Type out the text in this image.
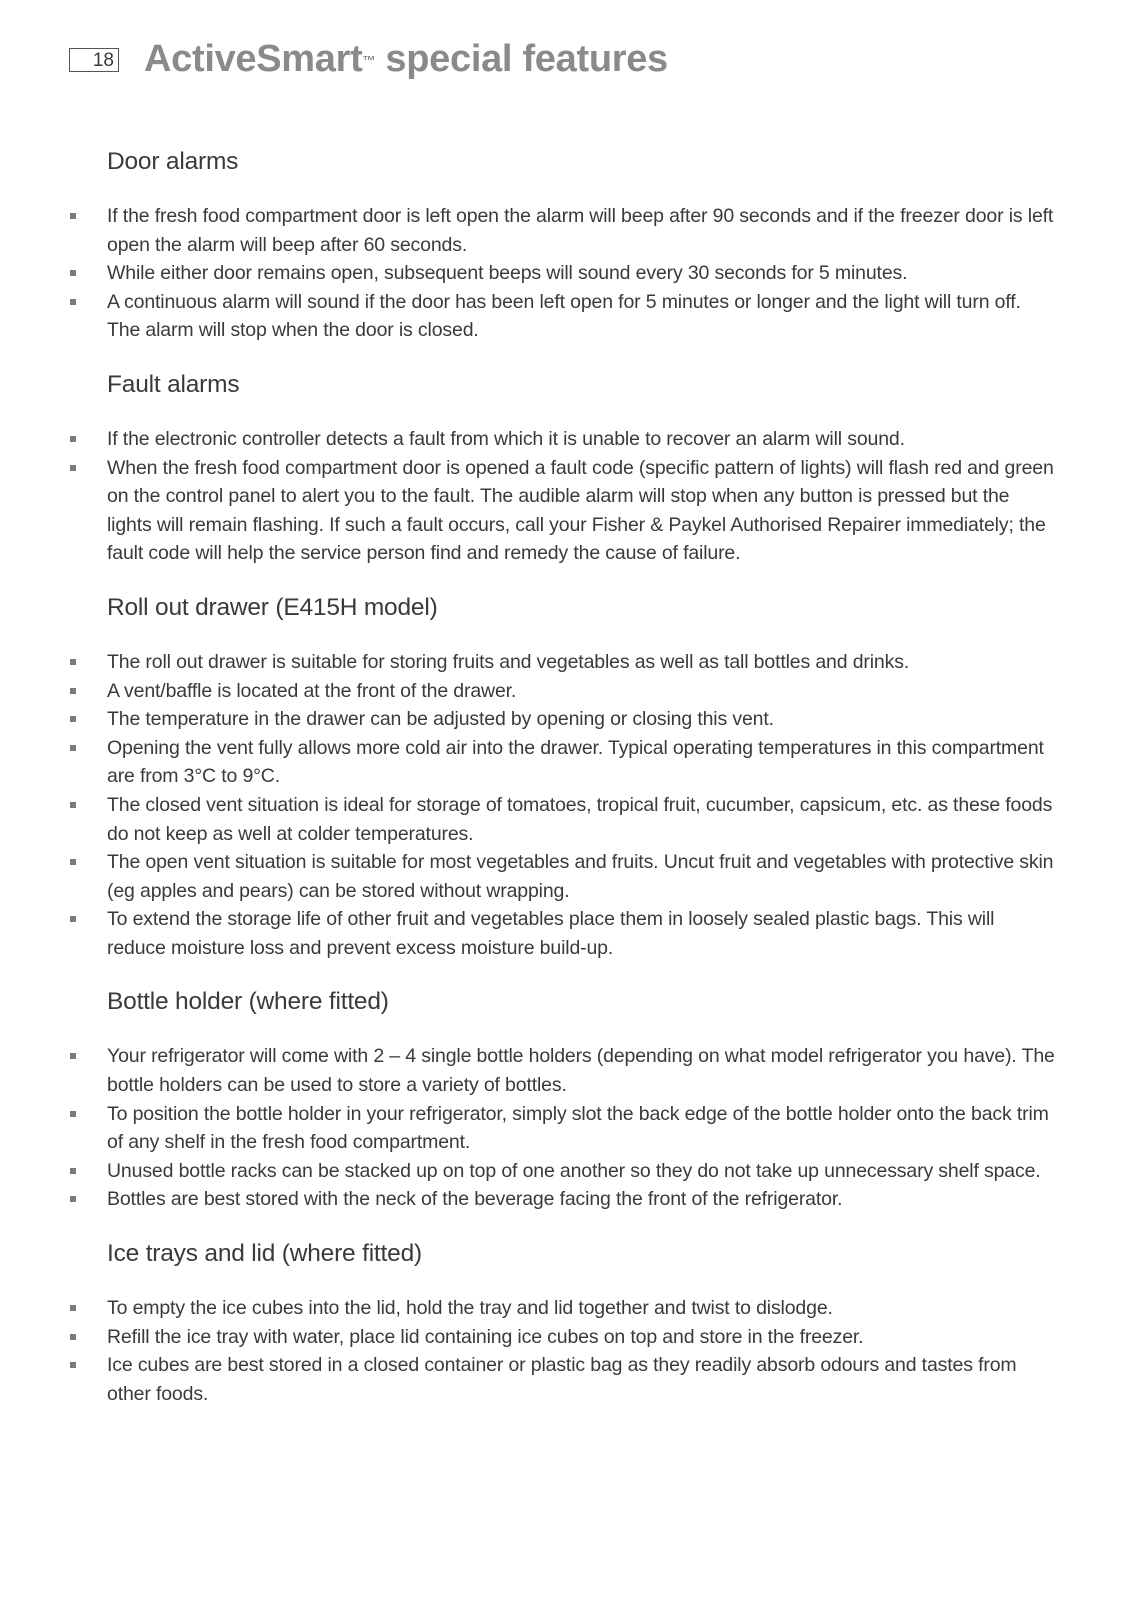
18 ActiveSmart™ special features
Door alarms
If the fresh food compartment door is left open the alarm will beep after 90 seconds and if the freezer door is left open the alarm will beep after 60 seconds.
While either door remains open, subsequent beeps will sound every 30 seconds for 5 minutes.
A continuous alarm will sound if the door has been left open for 5 minutes or longer and the light will turn off. The alarm will stop when the door is closed.
Fault alarms
If the electronic controller detects a fault from which it is unable to recover an alarm will sound.
When the fresh food compartment door is opened a fault code (specific pattern of lights) will flash red and green on the control panel to alert you to the fault. The audible alarm will stop when any button is pressed but the lights will remain flashing. If such a fault occurs, call your Fisher & Paykel Authorised Repairer immediately; the fault code will help the service person find and remedy the cause of failure.
Roll out drawer (E415H model)
The roll out drawer is suitable for storing fruits and vegetables as well as tall bottles and drinks.
A vent/baffle is located at the front of the drawer.
The temperature in the drawer can be adjusted by opening or closing this vent.
Opening the vent fully allows more cold air into the drawer. Typical operating temperatures in this compartment are from 3°C to 9°C.
The closed vent situation is ideal for storage of tomatoes, tropical fruit, cucumber, capsicum, etc. as these foods do not keep as well at colder temperatures.
The open vent situation is suitable for most vegetables and fruits. Uncut fruit and vegetables with protective skin (eg apples and pears) can be stored without wrapping.
To extend the storage life of other fruit and vegetables place them in loosely sealed plastic bags. This will reduce moisture loss and prevent excess moisture build-up.
Bottle holder (where fitted)
Your refrigerator will come with 2 – 4 single bottle holders (depending on what model refrigerator you have). The bottle holders can be used to store a variety of bottles.
To position the bottle holder in your refrigerator, simply slot the back edge of the bottle holder onto the back trim of any shelf in the fresh food compartment.
Unused bottle racks can be stacked up on top of one another so they do not take up unnecessary shelf space.
Bottles are best stored with the neck of the beverage facing the front of the refrigerator.
Ice trays and lid (where fitted)
To empty the ice cubes into the lid, hold the tray and lid together and twist to dislodge.
Refill the ice tray with water, place lid containing ice cubes on top and store in the freezer.
Ice cubes are best stored in a closed container or plastic bag as they readily absorb odours and tastes from other foods.
